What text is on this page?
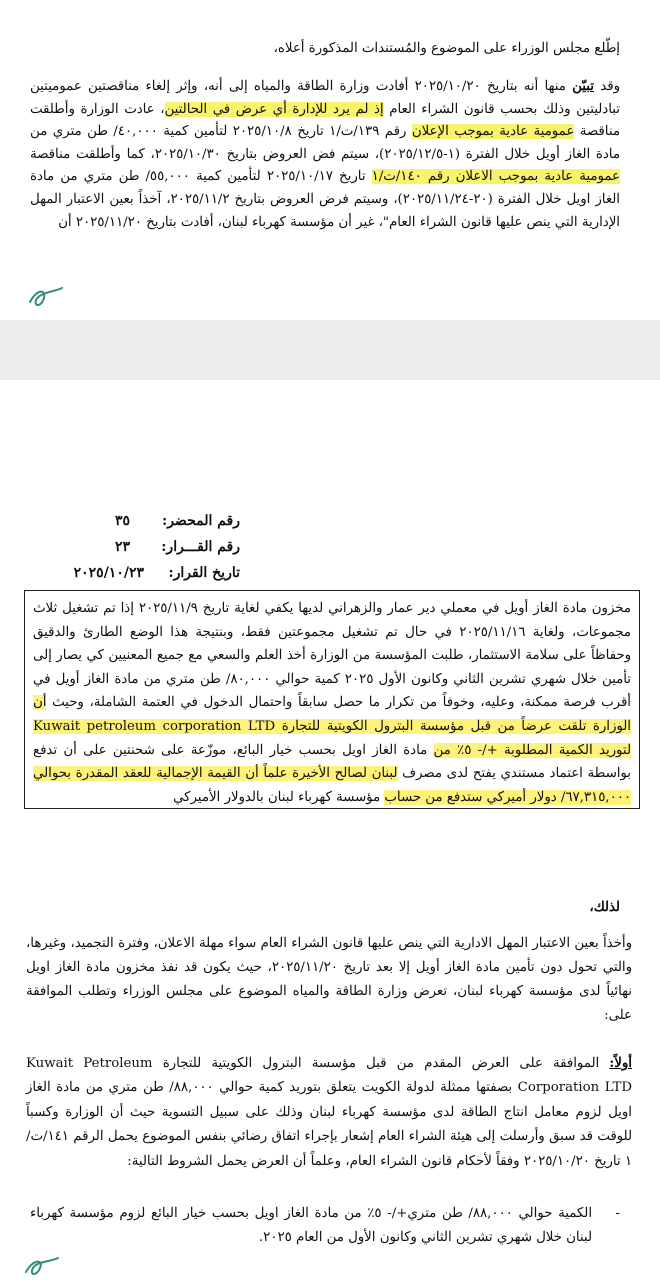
إطّلع مجلس الوزراء على الموضوع والمُستندات المذكورة أعلاه،
وقد تبيّن منها أنه بتاريخ ٢٠٢٥/١٠/٢٠ أفادت وزارة الطاقة والمياه إلى أنه، وإثر إلغاء مناقصتين عموميتين تبادليتين وذلك بحسب قانون الشراء العام إذ لم يرد للإدارة أي عرض في الحالتين، عادت الوزارة وأطلقت مناقصة عمومية عادية بموجب الإعلان رقم ١٣٩/ت/١ تاريخ ٢٠٢٥/١٠/٨ لتأمين كمية ٤٠,٠٠٠/ طن متري من مادة الغاز أويل خلال الفترة (١-٢٠٢٥/١٢/٥)، سيتم فض العروض بتاريخ ٢٠٢٥/١٠/٣٠، كما وأطلقت مناقصة عمومية عادية بموجب الاعلان رقم ١٤٠/ت/١ تاريخ ٢٠٢٥/١٠/١٧ لتأمين كمية ٥٥,٠٠٠/ طن متري من مادة الغاز اويل خلال الفترة (٢٠-٢٠٢٥/١١/٢٤)، وسيتم فرض العروض بتاريخ ٢٠٢٥/١١/٢، آخذاً بعين الاعتبار المهل الإدارية التي ينص عليها قانون الشراء العام"، غير أن مؤسسة كهرباء لبنان، أفادت بتاريخ ٢٠٢٥/١١/٢٠ أن
رقم المحضر:
٣٥
رقم القـــرار:
٢٣
تاريخ القرار:
٢٠٢٥/١٠/٢٣
مخزون مادة الغاز أويل في معملي دير عمار والزهراني لديها يكفي لغاية تاريخ ٢٠٢٥/١١/٩ إذا تم تشغيل ثلاث مجموعات، ولغاية ٢٠٢٥/١١/١٦ في حال تم تشغيل مجموعتين فقط، وبنتيجة هذا الوضع الطارئ والدقيق وحفاظاً على سلامة الاستثمار، طلبت المؤسسة من الوزارة أخذ العلم والسعي مع جميع المعنيين كي يصار إلى تأمين خلال شهري تشرين الثاني وكانون الأول ٢٠٢٥ كمية حوالي ٨٠,٠٠٠/ طن متري من مادة الغاز أويل في أقرب فرصة ممكنة، وعليه، وخوفاً من تكرار ما حصل سابقاً واحتمال الدخول في العتمة الشاملة، وحيث أن الوزارة تلقت عرضاً من قبل مؤسسة البترول الكويتية للتجارة Kuwait petroleum corporation LTD لتوريد الكمية المطلوبة +/- ٥٪ من مادة الغاز اويل بحسب خيار البائع، موزّعة على شحنتين على أن تدفع بواسطة اعتماد مستندي يفتح لدى مصرف لبنان لصالح الأخيرة علماً أن القيمة الإجمالية للعقد المقدرة بحوالي ٦٧,٣١٥,٠٠٠/ دولار أميركي ستدفع من حساب مؤسسة كهرباء لبنان بالدولار الأميركي
لذلك،
وأخذاً بعين الاعتبار المهل الادارية التي ينص عليها قانون الشراء العام سواء مهلة الاعلان، وفترة التجميد، وغيرها، والتي تحول دون تأمين مادة الغاز أويل إلا بعد تاريخ ٢٠٢٥/١١/٢٠، حيث يكون قد نفذ مخزون مادة الغاز اويل نهائياً لدى مؤسسة كهرباء لبنان، تعرض وزارة الطاقة والمياه الموضوع على مجلس الوزراء وتطلب الموافقة على:
أولاً: الموافقة على العرض المقدم من قبل مؤسسة البترول الكويتية للتجارة Kuwait Petroleum Corporation LTD بصفتها ممثلة لدولة الكويت يتعلق بتوريد كمية حوالي ٨٨,٠٠٠/ طن متري من مادة الغاز اويل لزوم معامل انتاج الطاقة لدى مؤسسة كهرباء لبنان وذلك على سبيل التسوية حيث أن الوزارة وكسباً للوقت قد سبق وأرسلت إلى هيئة الشراء العام إشعار بإجراء اتفاق رضائي بنفس الموضوع يحمل الرقم ١٤١/ت/١ تاريخ ٢٠٢٥/١٠/٢٠ وفقاً لأحكام قانون الشراء العام، وعلماً أن العرض يحمل الشروط التالية:
-
الكمية حوالي ٨٨,٠٠٠/ طن متري+/- ٥٪ من مادة الغاز اويل بحسب خيار البائع لزوم مؤسسة كهرباء لبنان خلال شهري تشرين الثاني وكانون الأول من العام ٢٠٢٥.
